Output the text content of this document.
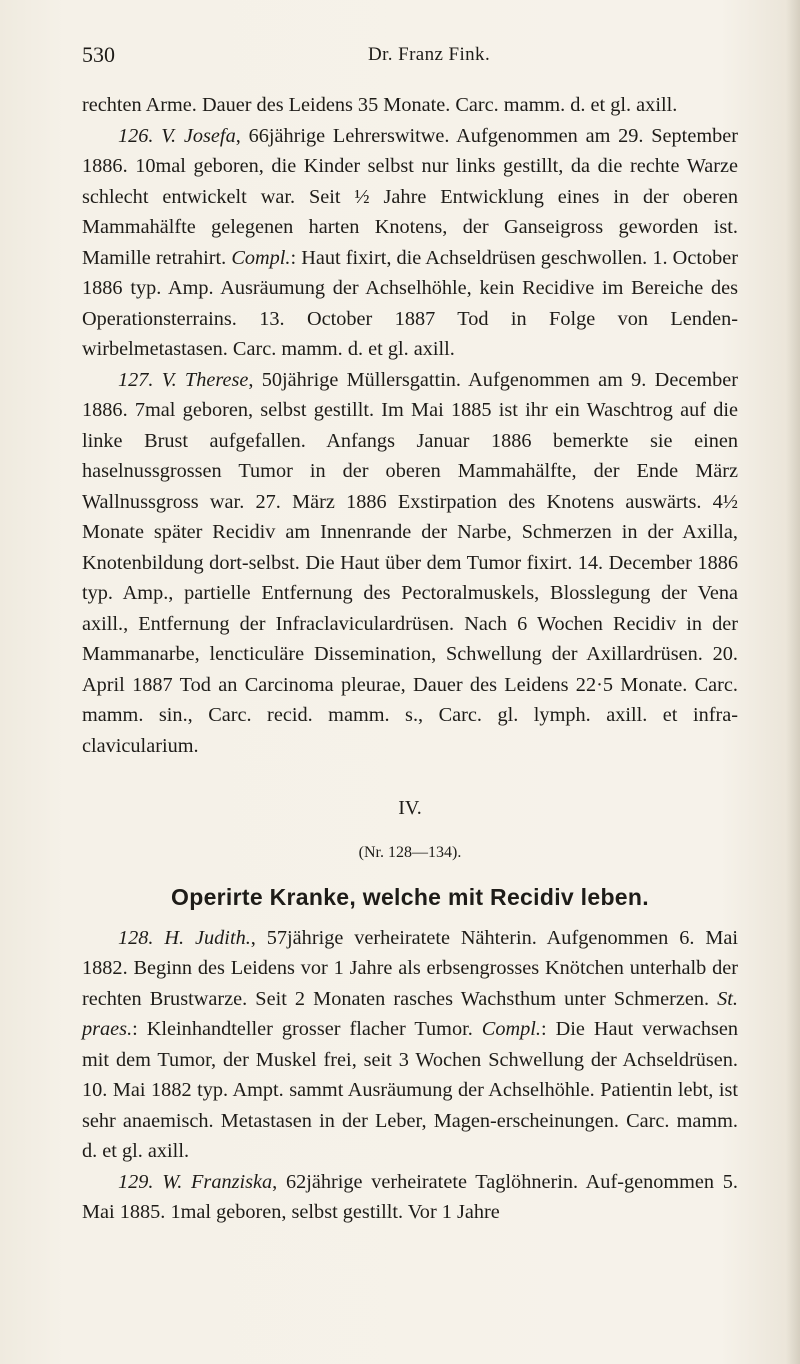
530	Dr. Franz Fink.

rechten Arme. Dauer des Leidens 35 Monate. Carc. mamm. d. et gl. axill.

126. V. Josefa, 66jährige Lehrerswitwe. Aufgenommen am 29. September 1886. 10mal geboren, die Kinder selbst nur links gestillt, da die rechte Warze schlecht entwickelt war. Seit ½ Jahre Entwicklung eines in der oberen Mammahälfte gelegenen harten Knotens, der Ganseigross geworden ist. Mamille retrahirt. Compl.: Haut fixirt, die Achseldrüsen geschwollen. 1. October 1886 typ. Amp. Ausräumung der Achselhöhle, kein Recidive im Bereiche des Operationsterrains. 13. October 1887 Tod in Folge von Lenden-wirbelmetastasen. Carc. mamm. d. et gl. axill.

127. V. Therese, 50jährige Müllersgattin. Aufgenommen am 9. December 1886. 7mal geboren, selbst gestillt. Im Mai 1885 ist ihr ein Waschtrog auf die linke Brust aufgefallen. Anfangs Januar 1886 bemerkte sie einen haselnussgrossen Tumor in der oberen Mammahälfte, der Ende März Wallnussgross war. 27. März 1886 Exstirpation des Knotens auswärts. 4½ Monate später Recidiv am Innenrande der Narbe, Schmerzen in der Axilla, Knotenbildung dort-selbst. Die Haut über dem Tumor fixirt. 14. December 1886 typ. Amp., partielle Entfernung des Pectoralmuskels, Blosslegung der Vena axill., Entfernung der Infraclaviculardrüsen. Nach 6 Wochen Recidiv in der Mammanarbe, lencticuläre Dissemination, Schwellung der Axillardrüsen. 20. April 1887 Tod an Carcinoma pleurae, Dauer des Leidens 22·5 Monate. Carc. mamm. sin., Carc. recid. mamm. s., Carc. gl. lymph. axill. et infra-clavicularium.

IV.
(Nr. 128—134).
Operirte Kranke, welche mit Recidiv leben.

128. H. Judith., 57jährige verheiratete Nähterin. Aufgenommen 6. Mai 1882. Beginn des Leidens vor 1 Jahre als erbsengrosses Knötchen unterhalb der rechten Brustwarze. Seit 2 Monaten rasches Wachsthum unter Schmerzen. St. praes.: Kleinhandteller grosser flacher Tumor. Compl.: Die Haut verwachsen mit dem Tumor, der Muskel frei, seit 3 Wochen Schwellung der Achseldrüsen. 10. Mai 1882 typ. Ampt. sammt Ausräumung der Achselhöhle. Patientin lebt, ist sehr anaemisch. Metastasen in der Leber, Magen-erscheinungen. Carc. mamm. d. et gl. axill.

129. W. Franziska, 62jährige verheiratete Taglöhnerin. Auf-genommen 5. Mai 1885. 1mal geboren, selbst gestillt. Vor 1 Jahre
